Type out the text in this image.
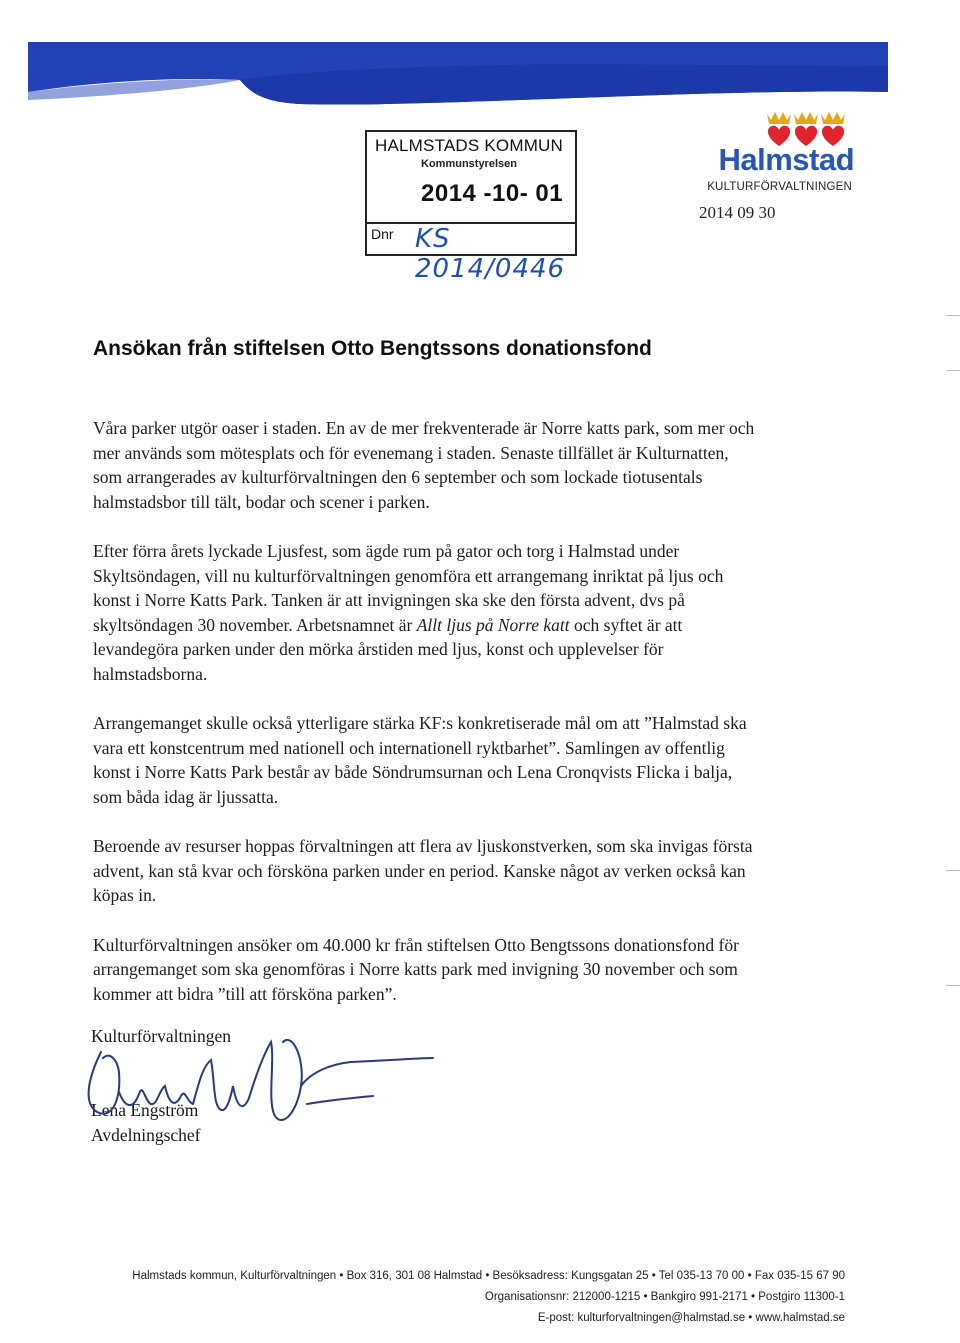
HALMSTADS KOMMUN
Kommunstyrelsen
2014 -10- 01
Dnr KS 2014/0446
Halmstad
KULTURFÖRVALTNINGEN
2014 09 30
Ansökan från stiftelsen Otto Bengtssons donationsfond

Våra parker utgör oaser i staden. En av de mer frekventerade är Norre katts park, som mer och
mer används som mötesplats och för evenemang i staden. Senaste tillfället är Kulturnatten,
som arrangerades av kulturförvaltningen den 6 september och som lockade tiotusentals
halmstadsbor till tält, bodar och scener i parken.

Efter förra årets lyckade Ljusfest, som ägde rum på gator och torg i Halmstad under
Skyltsöndagen, vill nu kulturförvaltningen genomföra ett arrangemang inriktat på ljus och
konst i Norre Katts Park. Tanken är att invigningen ska ske den första advent, dvs på
skyltsöndagen 30 november. Arbetsnamnet är Allt ljus på Norre katt och syftet är att
levandegöra parken under den mörka årstiden med ljus, konst och upplevelser för
halmstadsborna.

Arrangemanget skulle också ytterligare stärka KF:s konkretiserade mål om att ”Halmstad ska
vara ett konstcentrum med nationell och internationell ryktbarhet”. Samlingen av offentlig
konst i Norre Katts Park består av både Söndrumsurnan och Lena Cronqvists Flicka i balja,
som båda idag är ljussatta.

Beroende av resurser hoppas förvaltningen att flera av ljuskonstverken, som ska invigas första
advent, kan stå kvar och försköna parken under en period. Kanske något av verken också kan
köpas in.

Kulturförvaltningen ansöker om 40.000 kr från stiftelsen Otto Bengtssons donationsfond för
arrangemanget som ska genomföras i Norre katts park med invigning 30 november och som
kommer att bidra ”till att försköna parken”.

Kulturförvaltningen
Lena Engström
Avdelningschef
Halmstads kommun, Kulturförvaltningen • Box 316, 301 08 Halmstad • Besöksadress: Kungsgatan 25 • Tel 035-13 70 00 • Fax 035-15 67 90
Organisationsnr: 212000-1215 • Bankgiro 991-2171 • Postgiro 11300-1
E-post: kulturforvaltningen@halmstad.se • www.halmstad.se
